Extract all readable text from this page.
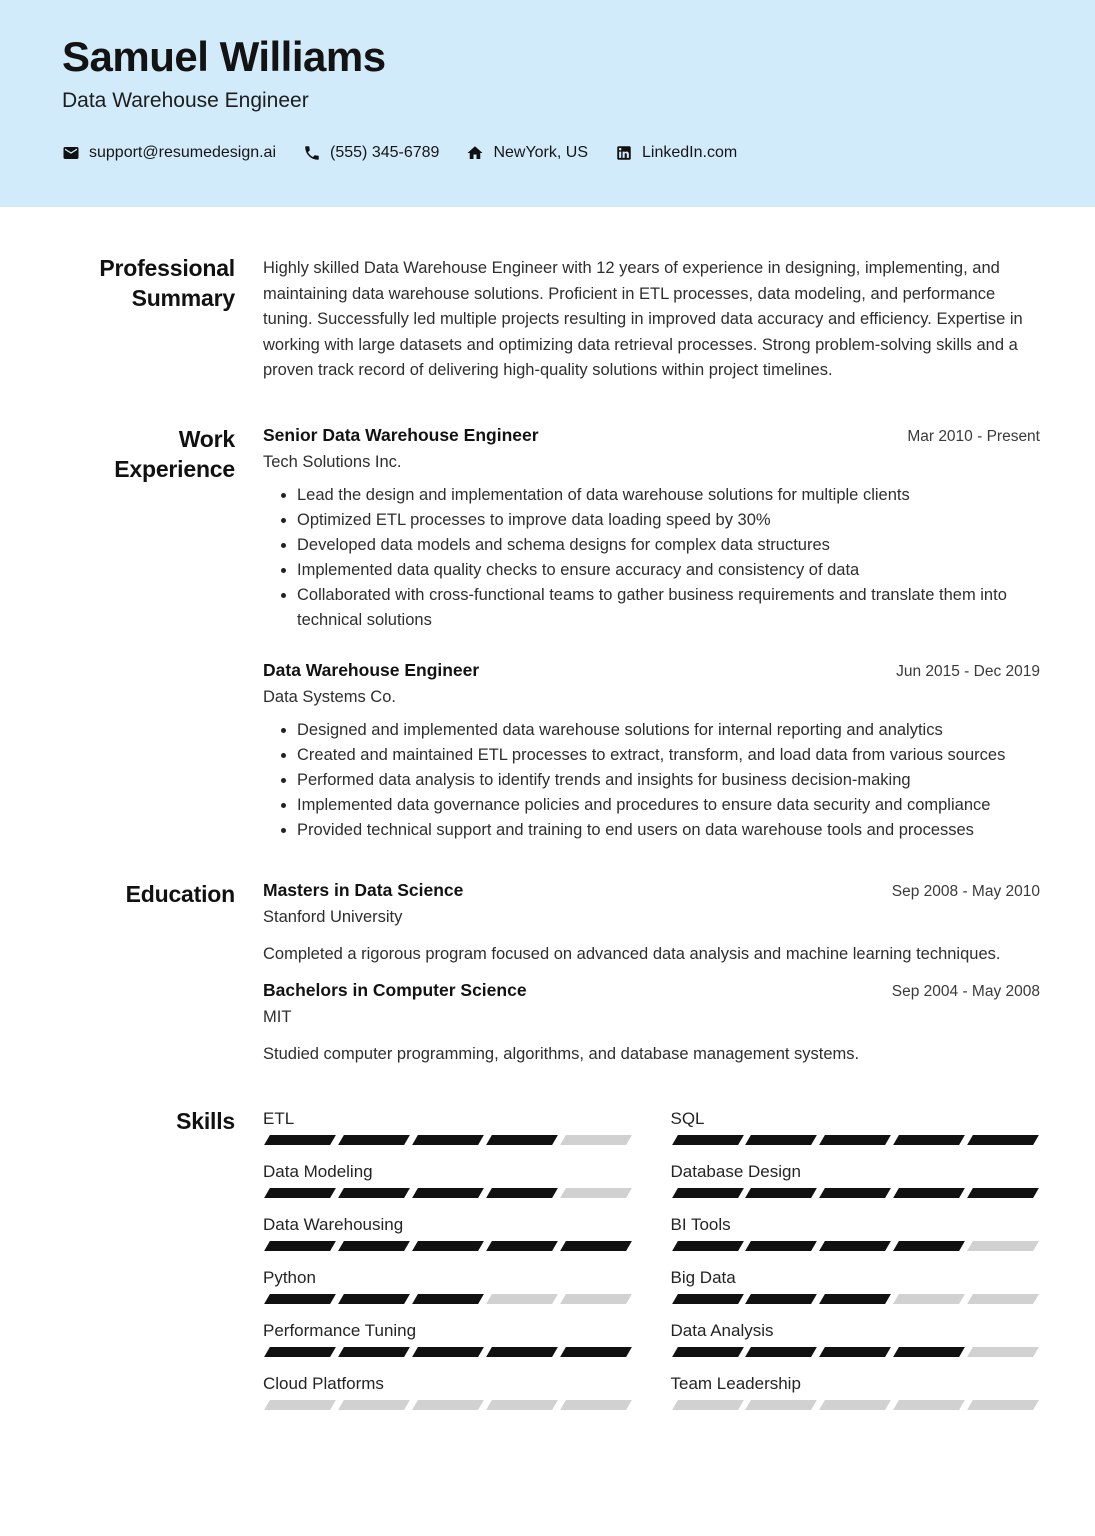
Samuel Williams
Data Warehouse Engineer
support@resumedesign.ai	(555) 345-6789	NewYork, US	LinkedIn.com
Professional Summary

Highly skilled Data Warehouse Engineer with 12 years of experience in designing, implementing, and maintaining data warehouse solutions. Proficient in ETL processes, data modeling, and performance tuning. Successfully led multiple projects resulting in improved data accuracy and efficiency. Expertise in working with large datasets and optimizing data retrieval processes. Strong problem-solving skills and a proven track record of delivering high-quality solutions within project timelines.

Work Experience
Senior Data Warehouse Engineer	Mar 2010 - Present
Tech Solutions Inc.
Lead the design and implementation of data warehouse solutions for multiple clients
Optimized ETL processes to improve data loading speed by 30%
Developed data models and schema designs for complex data structures
Implemented data quality checks to ensure accuracy and consistency of data
Collaborated with cross-functional teams to gather business requirements and translate them into technical solutions
Data Warehouse Engineer	Jun 2015 - Dec 2019
Data Systems Co.
Designed and implemented data warehouse solutions for internal reporting and analytics
Created and maintained ETL processes to extract, transform, and load data from various sources
Performed data analysis to identify trends and insights for business decision-making
Implemented data governance policies and procedures to ensure data security and compliance
Provided technical support and training to end users on data warehouse tools and processes
Education Masters in Data Science	Sep 2008 - May 2010
Stanford University

Completed a rigorous program focused on advanced data analysis and machine learning techniques.

Bachelors in Computer Science	Sep 2004 - May 2008
MIT

Studied computer programming, algorithms, and database management systems.

Skills ETL	SQL
Data Modeling	Database Design
Data Warehousing	BI Tools
Python	Big Data
Performance Tuning	Data Analysis
Cloud Platforms	Team Leadership
